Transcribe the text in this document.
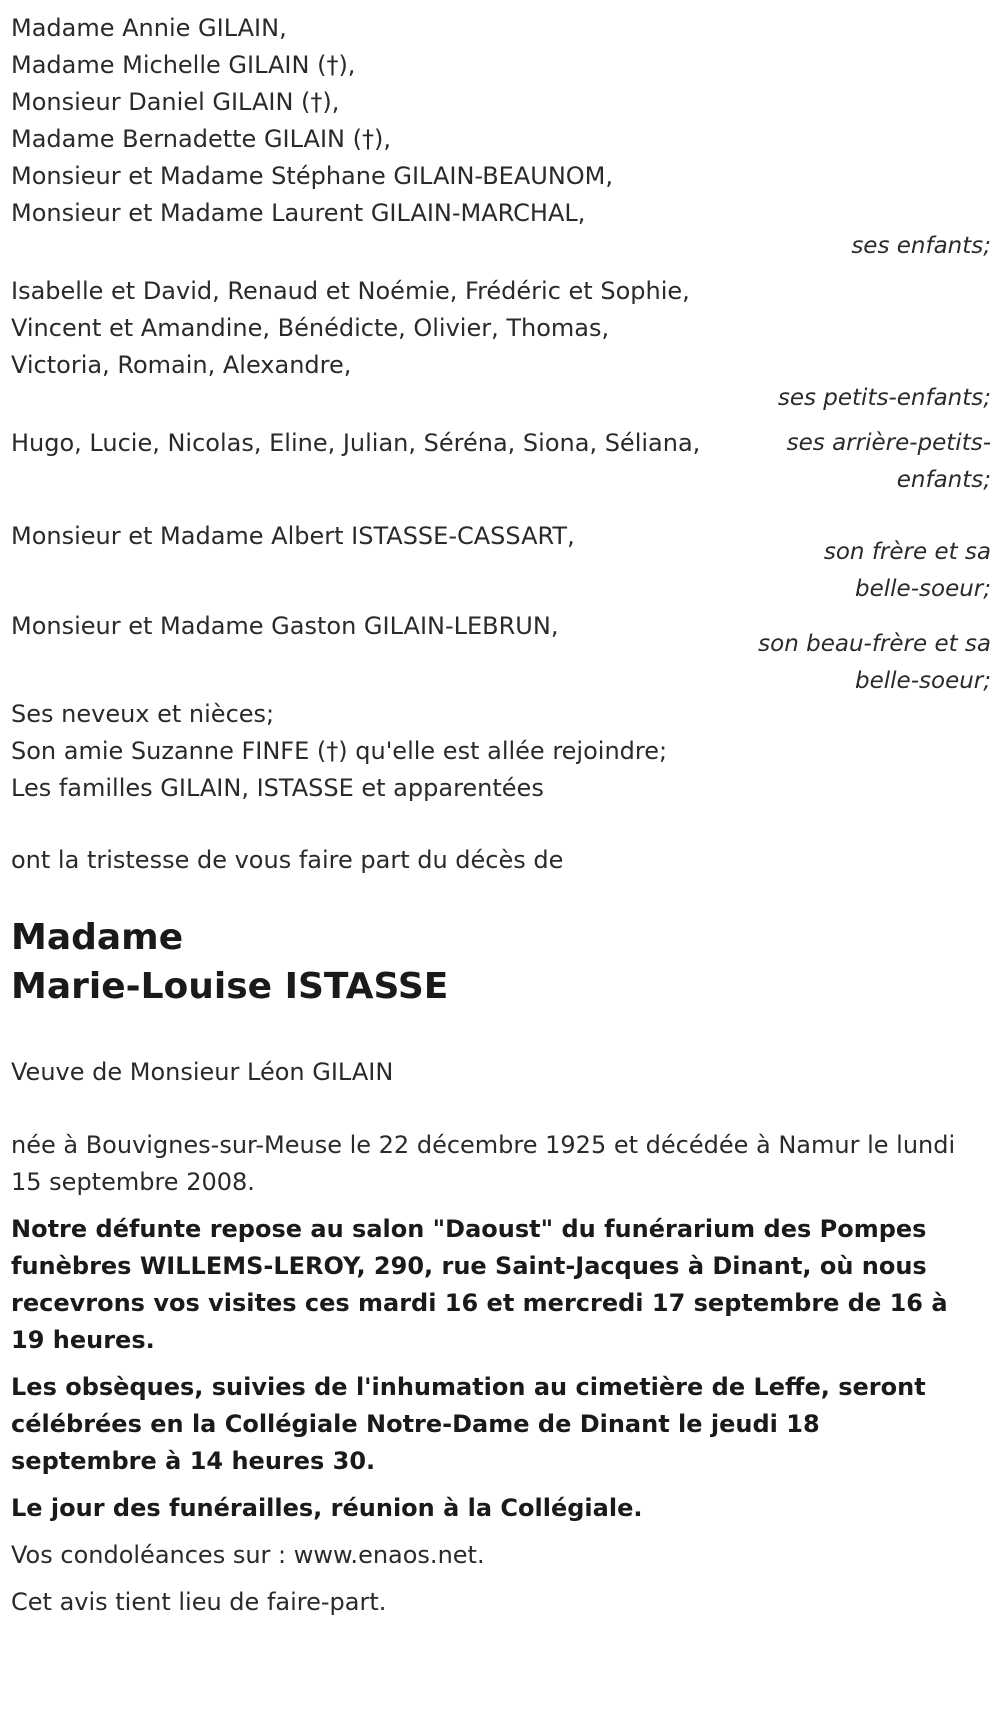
Madame Annie GILAIN,
Madame Michelle GILAIN (†),
Monsieur Daniel GILAIN (†),
Madame Bernadette GILAIN (†),
Monsieur et Madame Stéphane GILAIN-BEAUNOM,
Monsieur et Madame Laurent GILAIN-MARCHAL,
ses enfants;
Isabelle et David, Renaud et Noémie, Frédéric et Sophie,
Vincent et Amandine, Bénédicte, Olivier, Thomas,
Victoria, Romain, Alexandre,
ses petits-enfants;
Hugo, Lucie, Nicolas, Eline, Julian, Séréna, Siona, Séliana,	ses arrière-petits-
enfants;
Monsieur et Madame Albert ISTASSE-CASSART,
son frère et sa
belle-soeur;
Monsieur et Madame Gaston GILAIN-LEBRUN,
son beau-frère et sa
belle-soeur;
Ses neveux et nièces;
Son amie Suzanne FINFE (†) qu'elle est allée rejoindre;
Les familles GILAIN, ISTASSE et apparentées
ont la tristesse de vous faire part du décès de
Madame
Marie-Louise ISTASSE
Veuve de Monsieur Léon GILAIN
née à Bouvignes-sur-Meuse le 22 décembre 1925 et décédée à Namur le lundi 15 septembre 2008.
Notre défunte repose au salon "Daoust" du funérarium des Pompes funèbres WILLEMS-LEROY, 290, rue Saint-Jacques à Dinant, où nous recevrons vos visites ces mardi 16 et mercredi 17 septembre de 16 à 19 heures.
Les obsèques, suivies de l'inhumation au cimetière de Leffe, seront célébrées en la Collégiale Notre-Dame de Dinant le jeudi 18 septembre à 14 heures 30.
Le jour des funérailles, réunion à la Collégiale.
Vos condoléances sur : www.enaos.net.
Cet avis tient lieu de faire-part.
